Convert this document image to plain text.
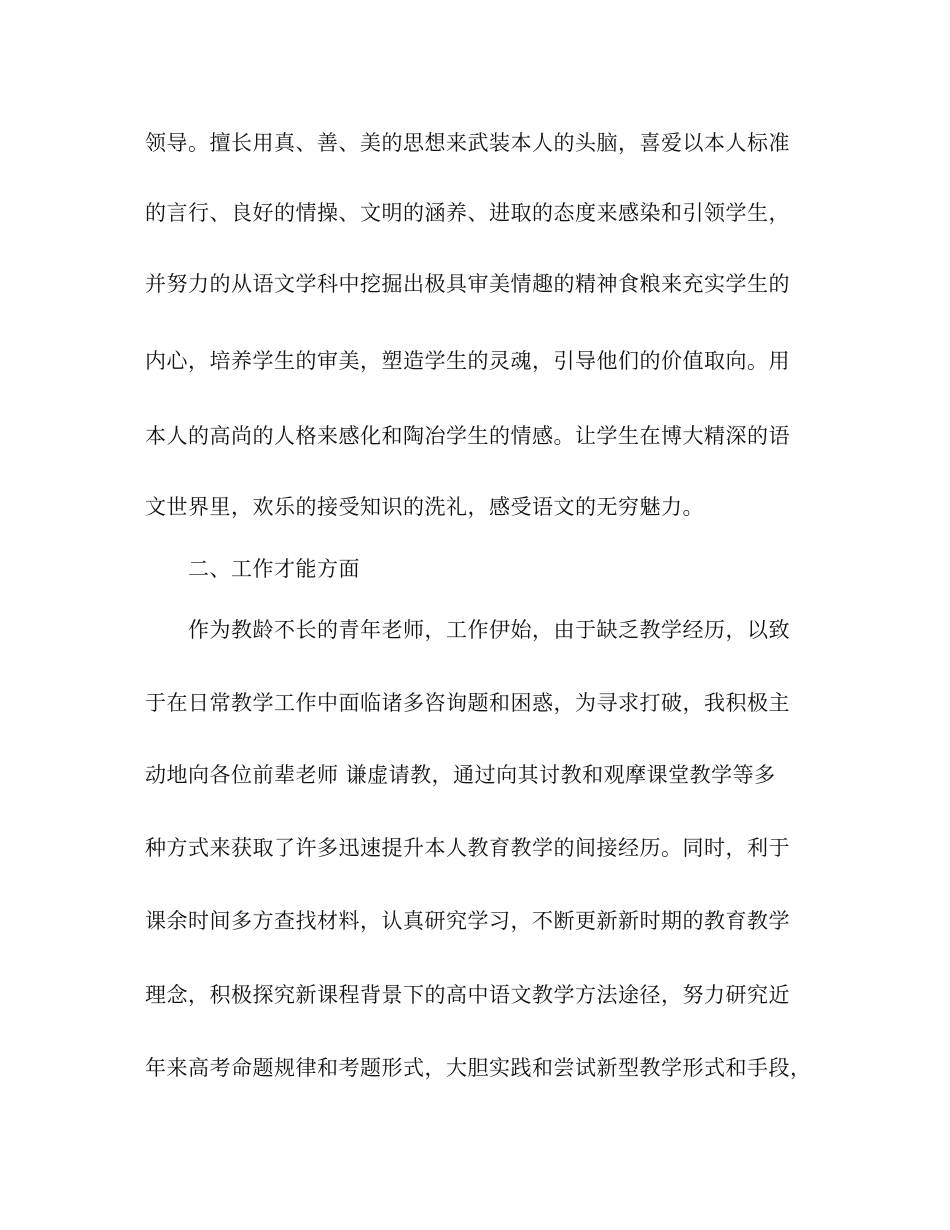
领导。擅长用真、善、美的思想来武装本人的头脑，喜爱以本人标准
的言行、良好的情操、文明的涵养、进取的态度来感染和引领学生，
并努力的从语文学科中挖掘出极具审美情趣的精神食粮来充实学生的
内心，培养学生的审美，塑造学生的灵魂，引导他们的价值取向。用
本人的高尚的人格来感化和陶冶学生的情感。让学生在博大精深的语
文世界里，欢乐的接受知识的洗礼，感受语文的无穷魅力。
二、工作才能方面
作为教龄不长的青年老师，工作伊始，由于缺乏教学经历，以致
于在日常教学工作中面临诸多咨询题和困惑，为寻求打破，我积极主
动地向各位前辈老师 谦虚请教，通过向其讨教和观摩课堂教学等多
种方式来获取了许多迅速提升本人教育教学的间接经历。同时，利于
课余时间多方查找材料，认真研究学习，不断更新新时期的教育教学
理念，积极探究新课程背景下的高中语文教学方法途径，努力研究近
年来高考命题规律和考题形式，大胆实践和尝试新型教学形式和手段，
